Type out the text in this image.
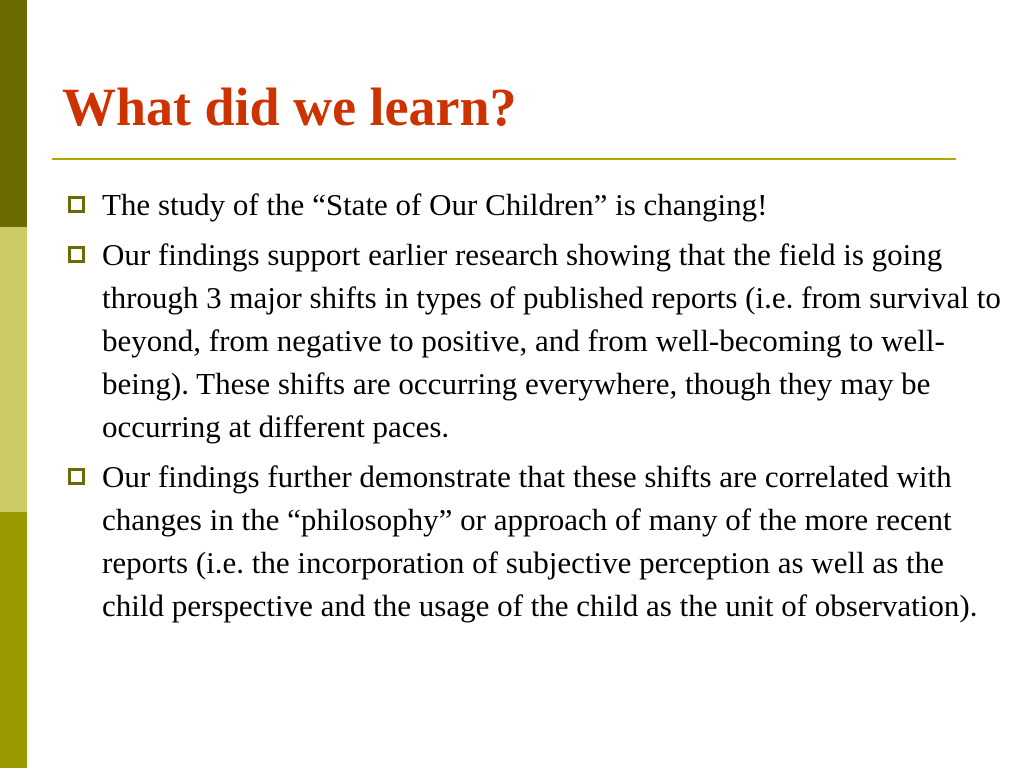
What did we learn?
The study of the “State of Our Children” is changing!
Our findings support earlier research showing that the field is going through 3 major shifts in types of published reports (i.e. from survival to beyond, from negative to positive, and from well-becoming to well-being). These shifts are occurring everywhere, though they may be occurring at different paces.
Our findings further demonstrate that these shifts are correlated with changes in the “philosophy” or approach of many of the more recent reports (i.e. the incorporation of subjective perception as well as the child perspective and the usage of the child as the unit of observation).
